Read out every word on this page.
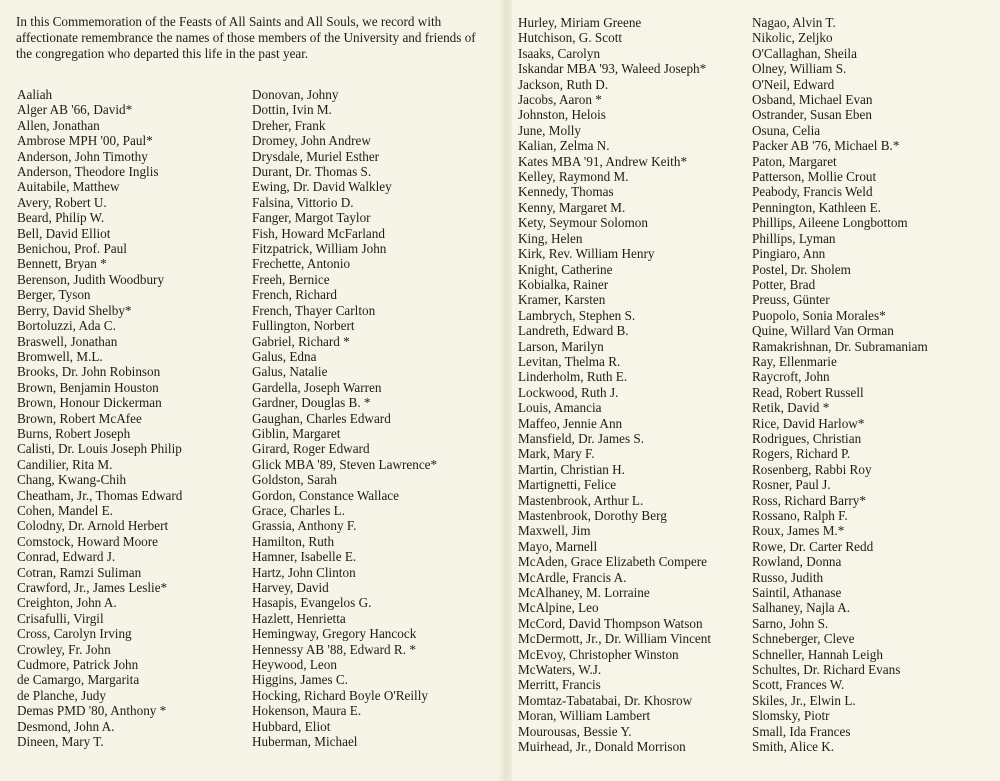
In this Commemoration of the Feasts of All Saints and All Souls, we record with affectionate remembrance the names of those members of the University and friends of the congregation who departed this life in the past year.

Aaliah
Alger AB '66, David*
Allen, Jonathan
Ambrose MPH '00, Paul*
Anderson, John Timothy
Anderson, Theodore Inglis
Auitabile, Matthew
Avery, Robert U.
Beard, Philip W.
Bell, David Elliot
Benichou, Prof. Paul
Bennett, Bryan *
Berenson, Judith Woodbury
Berger, Tyson
Berry, David Shelby*
Bortoluzzi, Ada C.
Braswell, Jonathan
Bromwell, M.L.
Brooks, Dr. John Robinson
Brown, Benjamin Houston
Brown, Honour Dickerman
Brown, Robert McAfee
Burns, Robert Joseph
Calisti, Dr. Louis Joseph Philip
Candilier, Rita M.
Chang, Kwang-Chih
Cheatham, Jr., Thomas Edward
Cohen, Mandel E.
Colodny, Dr. Arnold Herbert
Comstock, Howard Moore
Conrad, Edward J.
Cotran, Ramzi Suliman
Crawford, Jr., James Leslie*
Creighton, John A.
Crisafulli, Virgil
Cross, Carolyn Irving
Crowley, Fr. John
Cudmore, Patrick John
de Camargo, Margarita
de Planche, Judy
Demas PMD '80, Anthony *
Desmond, John A.
Dineen, Mary T.
Donovan, Johny
Dottin, Ivin M.
Dreher, Frank
Dromey, John Andrew
Drysdale, Muriel Esther
Durant, Dr. Thomas S.
Ewing, Dr. David Walkley
Falsina, Vittorio D.
Fanger, Margot Taylor
Fish, Howard McFarland
Fitzpatrick, William John
Frechette, Antonio
Freeh, Bernice
French, Richard
French, Thayer Carlton
Fullington, Norbert
Gabriel, Richard *
Galus, Edna
Galus, Natalie
Gardella, Joseph Warren
Gardner, Douglas B. *
Gaughan, Charles Edward
Giblin, Margaret
Girard, Roger Edward
Glick MBA '89, Steven Lawrence*
Goldston, Sarah
Gordon, Constance Wallace
Grace, Charles L.
Grassia, Anthony F.
Hamilton, Ruth
Hamner, Isabelle E.
Hartz, John Clinton
Harvey, David
Hasapis, Evangelos G.
Hazlett, Henrietta
Hemingway, Gregory Hancock
Hennessy AB '88, Edward R. *
Heywood, Leon
Higgins, James C.
Hocking, Richard Boyle O'Reilly
Hokenson, Maura E.
Hubbard, Eliot
Huberman, Michael
Hurley, Miriam Greene
Hutchison, G. Scott
Isaaks, Carolyn
Iskandar MBA '93, Waleed Joseph*
Jackson, Ruth D.
Jacobs, Aaron *
Johnston, Helois
June, Molly
Kalian, Zelma N.
Kates MBA '91, Andrew Keith*
Kelley, Raymond M.
Kennedy, Thomas
Kenny, Margaret M.
Kety, Seymour Solomon
King, Helen
Kirk, Rev. William Henry
Knight, Catherine
Kobialka, Rainer
Kramer, Karsten
Lambrych, Stephen S.
Landreth, Edward B.
Larson, Marilyn
Levitan, Thelma R.
Linderholm, Ruth E.
Lockwood, Ruth J.
Louis, Amancia
Maffeo, Jennie Ann
Mansfield, Dr. James S.
Mark, Mary F.
Martin, Christian H.
Martignetti, Felice
Mastenbrook, Arthur L.
Mastenbrook, Dorothy Berg
Maxwell, Jim
Mayo, Marnell
McAden, Grace Elizabeth Compere
McArdle, Francis A.
McAlhaney, M. Lorraine
McAlpine, Leo
McCord, David Thompson Watson
McDermott, Jr., Dr. William Vincent
McEvoy, Christopher Winston
McWaters, W.J.
Merritt, Francis
Momtaz-Tabatabai, Dr. Khosrow
Moran, William Lambert
Mourousas, Bessie Y.
Muirhead, Jr., Donald Morrison
Nagao, Alvin T.
Nikolic, Zeljko
O'Callaghan, Sheila
Olney, William S.
O'Neil, Edward
Osband, Michael Evan
Ostrander, Susan Eben
Osuna, Celia
Packer AB '76, Michael B.*
Paton, Margaret
Patterson, Mollie Crout
Peabody, Francis Weld
Pennington, Kathleen E.
Phillips, Aileene Longbottom
Phillips, Lyman
Pingiaro, Ann
Postel, Dr. Sholem
Potter, Brad
Preuss, Günter
Puopolo, Sonia Morales*
Quine, Willard Van Orman
Ramakrishnan, Dr. Subramaniam
Ray, Ellenmarie
Raycroft, John
Read, Robert Russell
Retik, David *
Rice, David Harlow*
Rodrigues, Christian
Rogers, Richard P.
Rosenberg, Rabbi Roy
Rosner, Paul J.
Ross, Richard Barry*
Rossano, Ralph F.
Roux, James M.*
Rowe, Dr. Carter Redd
Rowland, Donna
Russo, Judith
Saintil, Athanase
Salhaney, Najla A.
Sarno, John S.
Schneberger, Cleve
Schneller, Hannah Leigh
Schultes, Dr. Richard Evans
Scott, Frances W.
Skiles, Jr., Elwin L.
Slomsky, Piotr
Small, Ida Frances
Smith, Alice K.
